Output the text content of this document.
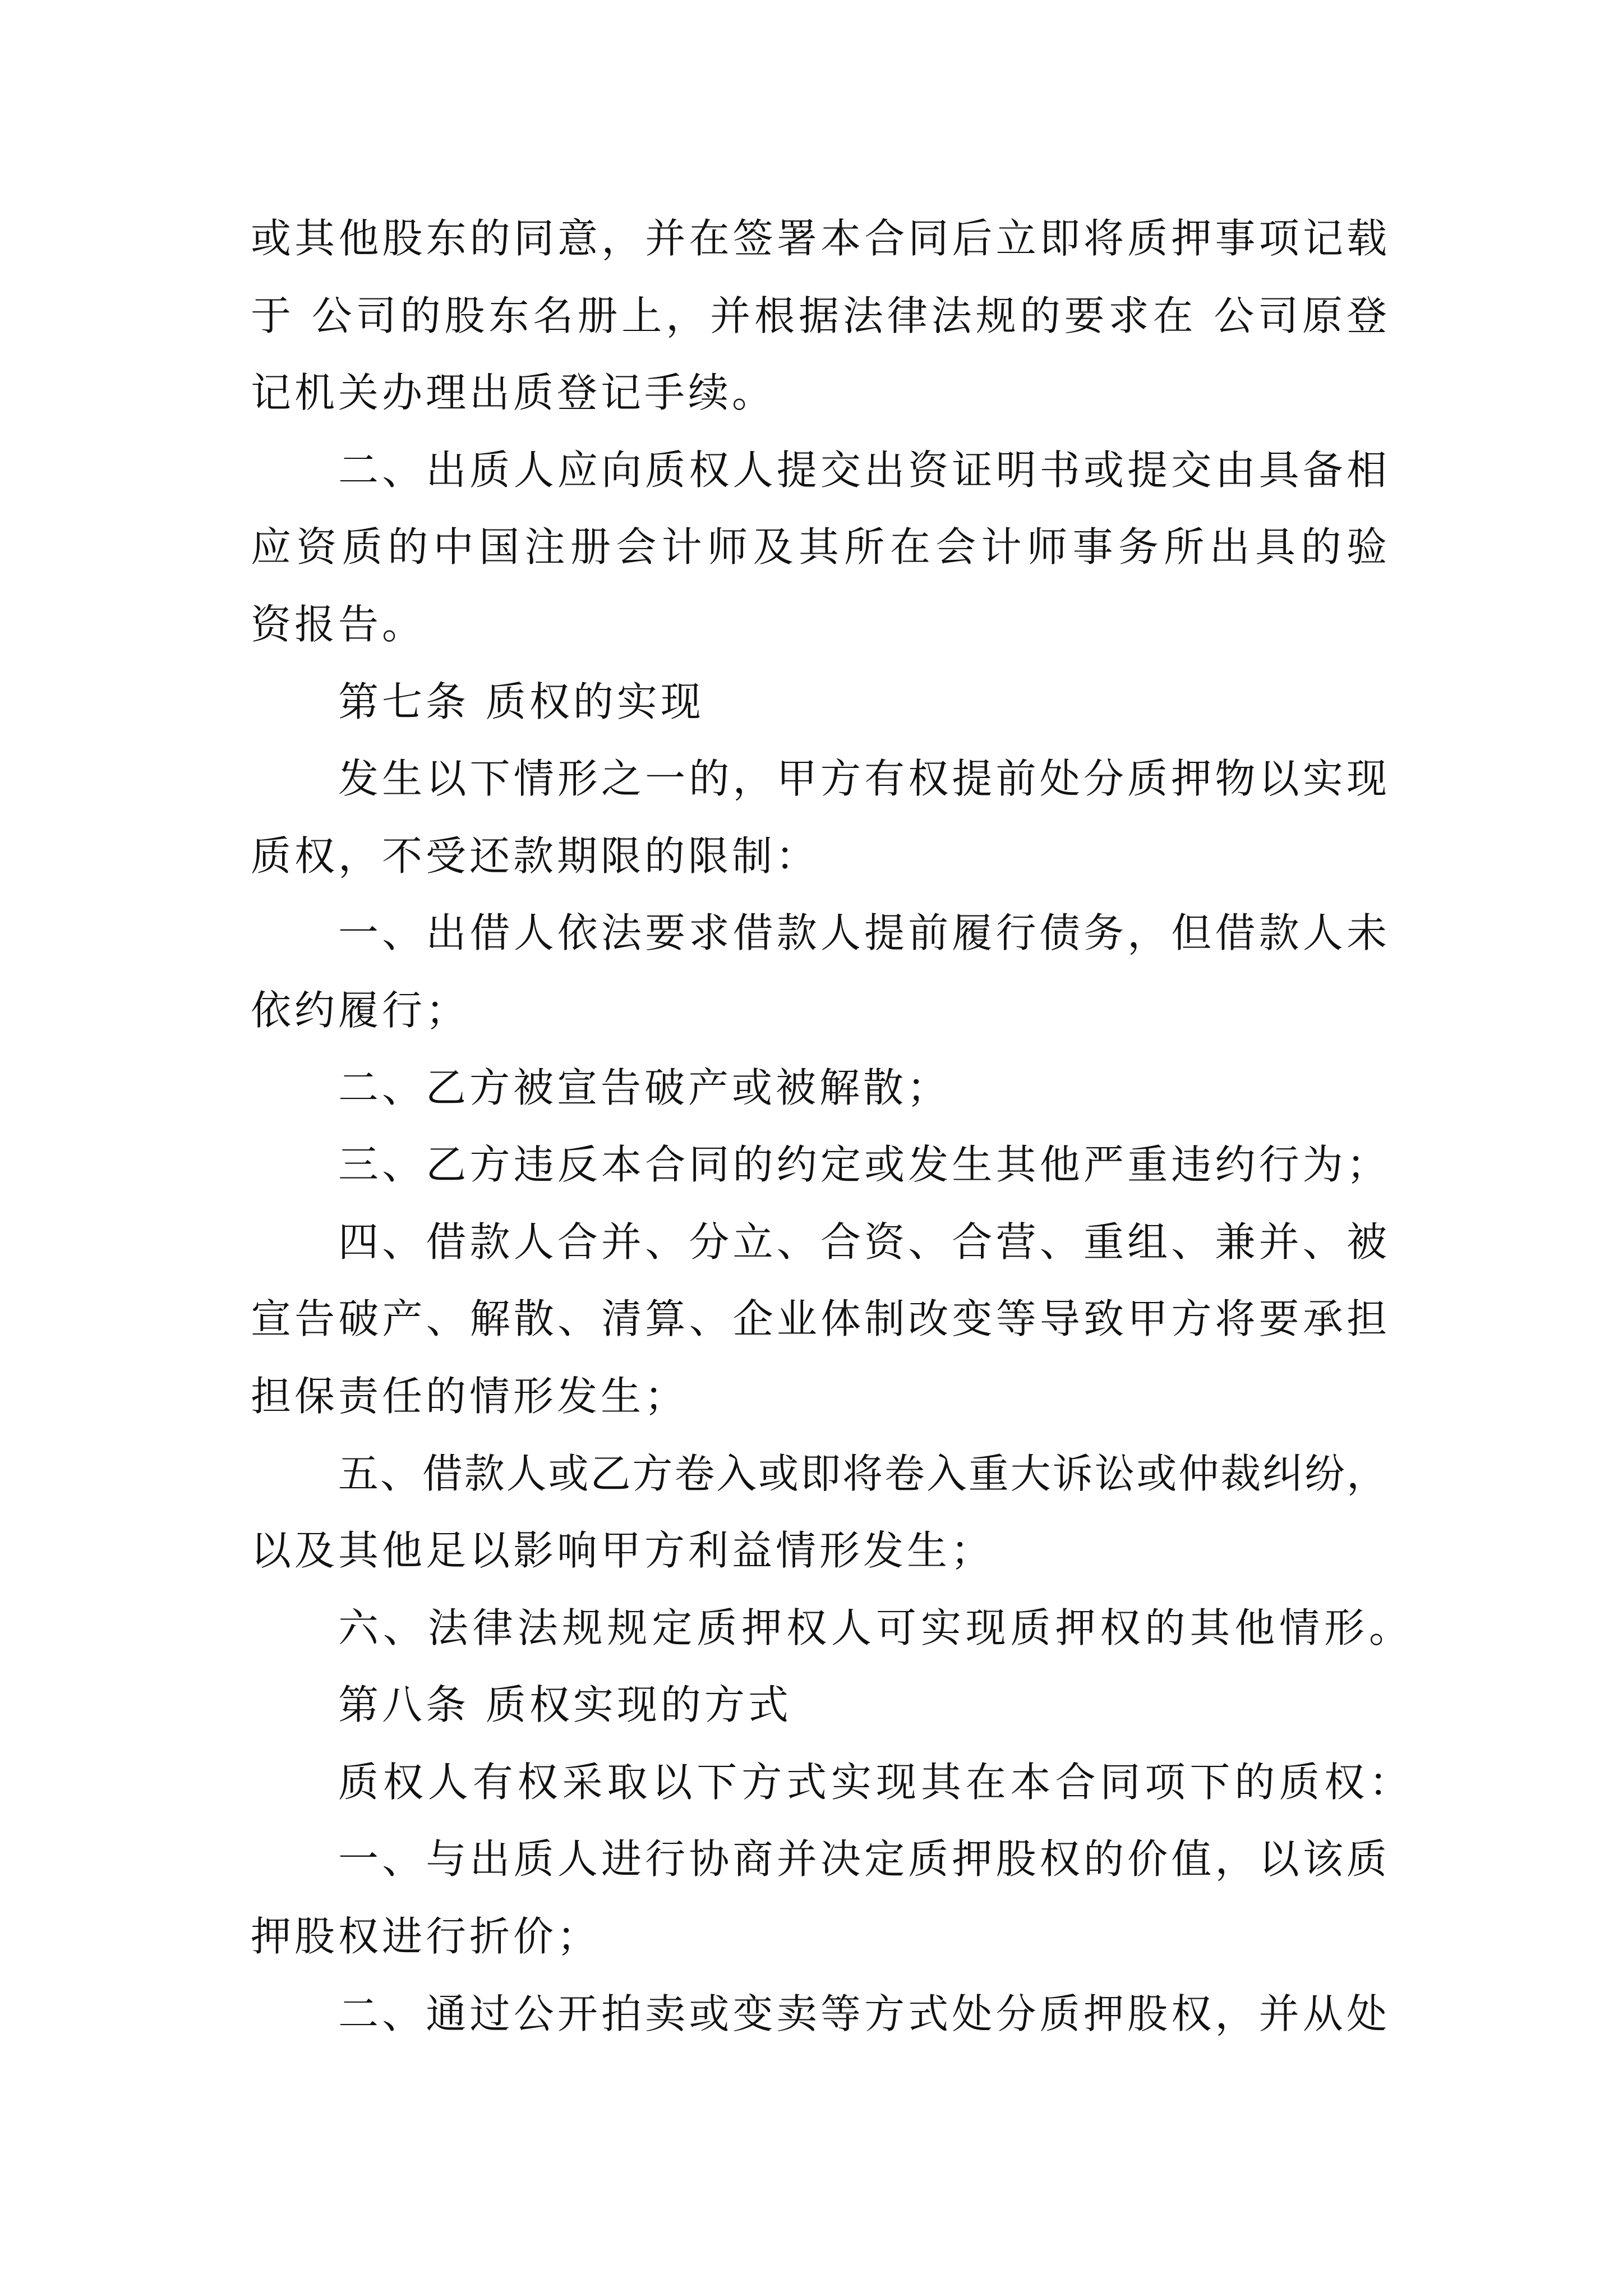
或其他股东的同意，并在签署本合同后立即将质押事项记载
于 公司的股东名册上，并根据法律法规的要求在 公司原登
记机关办理出质登记手续。
二、出质人应向质权人提交出资证明书或提交由具备相
应资质的中国注册会计师及其所在会计师事务所出具的验
资报告。
第七条 质权的实现
发生以下情形之一的，甲方有权提前处分质押物以实现
质权，不受还款期限的限制：
一、出借人依法要求借款人提前履行债务，但借款人未
依约履行；
二、乙方被宣告破产或被解散；
三、乙方违反本合同的约定或发生其他严重违约行为；
四、借款人合并、分立、合资、合营、重组、兼并、被
宣告破产、解散、清算、企业体制改变等导致甲方将要承担
担保责任的情形发生；
五、借款人或乙方卷入或即将卷入重大诉讼或仲裁纠纷，
以及其他足以影响甲方利益情形发生；
六、法律法规规定质押权人可实现质押权的其他情形。
第八条 质权实现的方式
质权人有权采取以下方式实现其在本合同项下的质权：
一、与出质人进行协商并决定质押股权的价值，以该质
押股权进行折价；
二、通过公开拍卖或变卖等方式处分质押股权，并从处
